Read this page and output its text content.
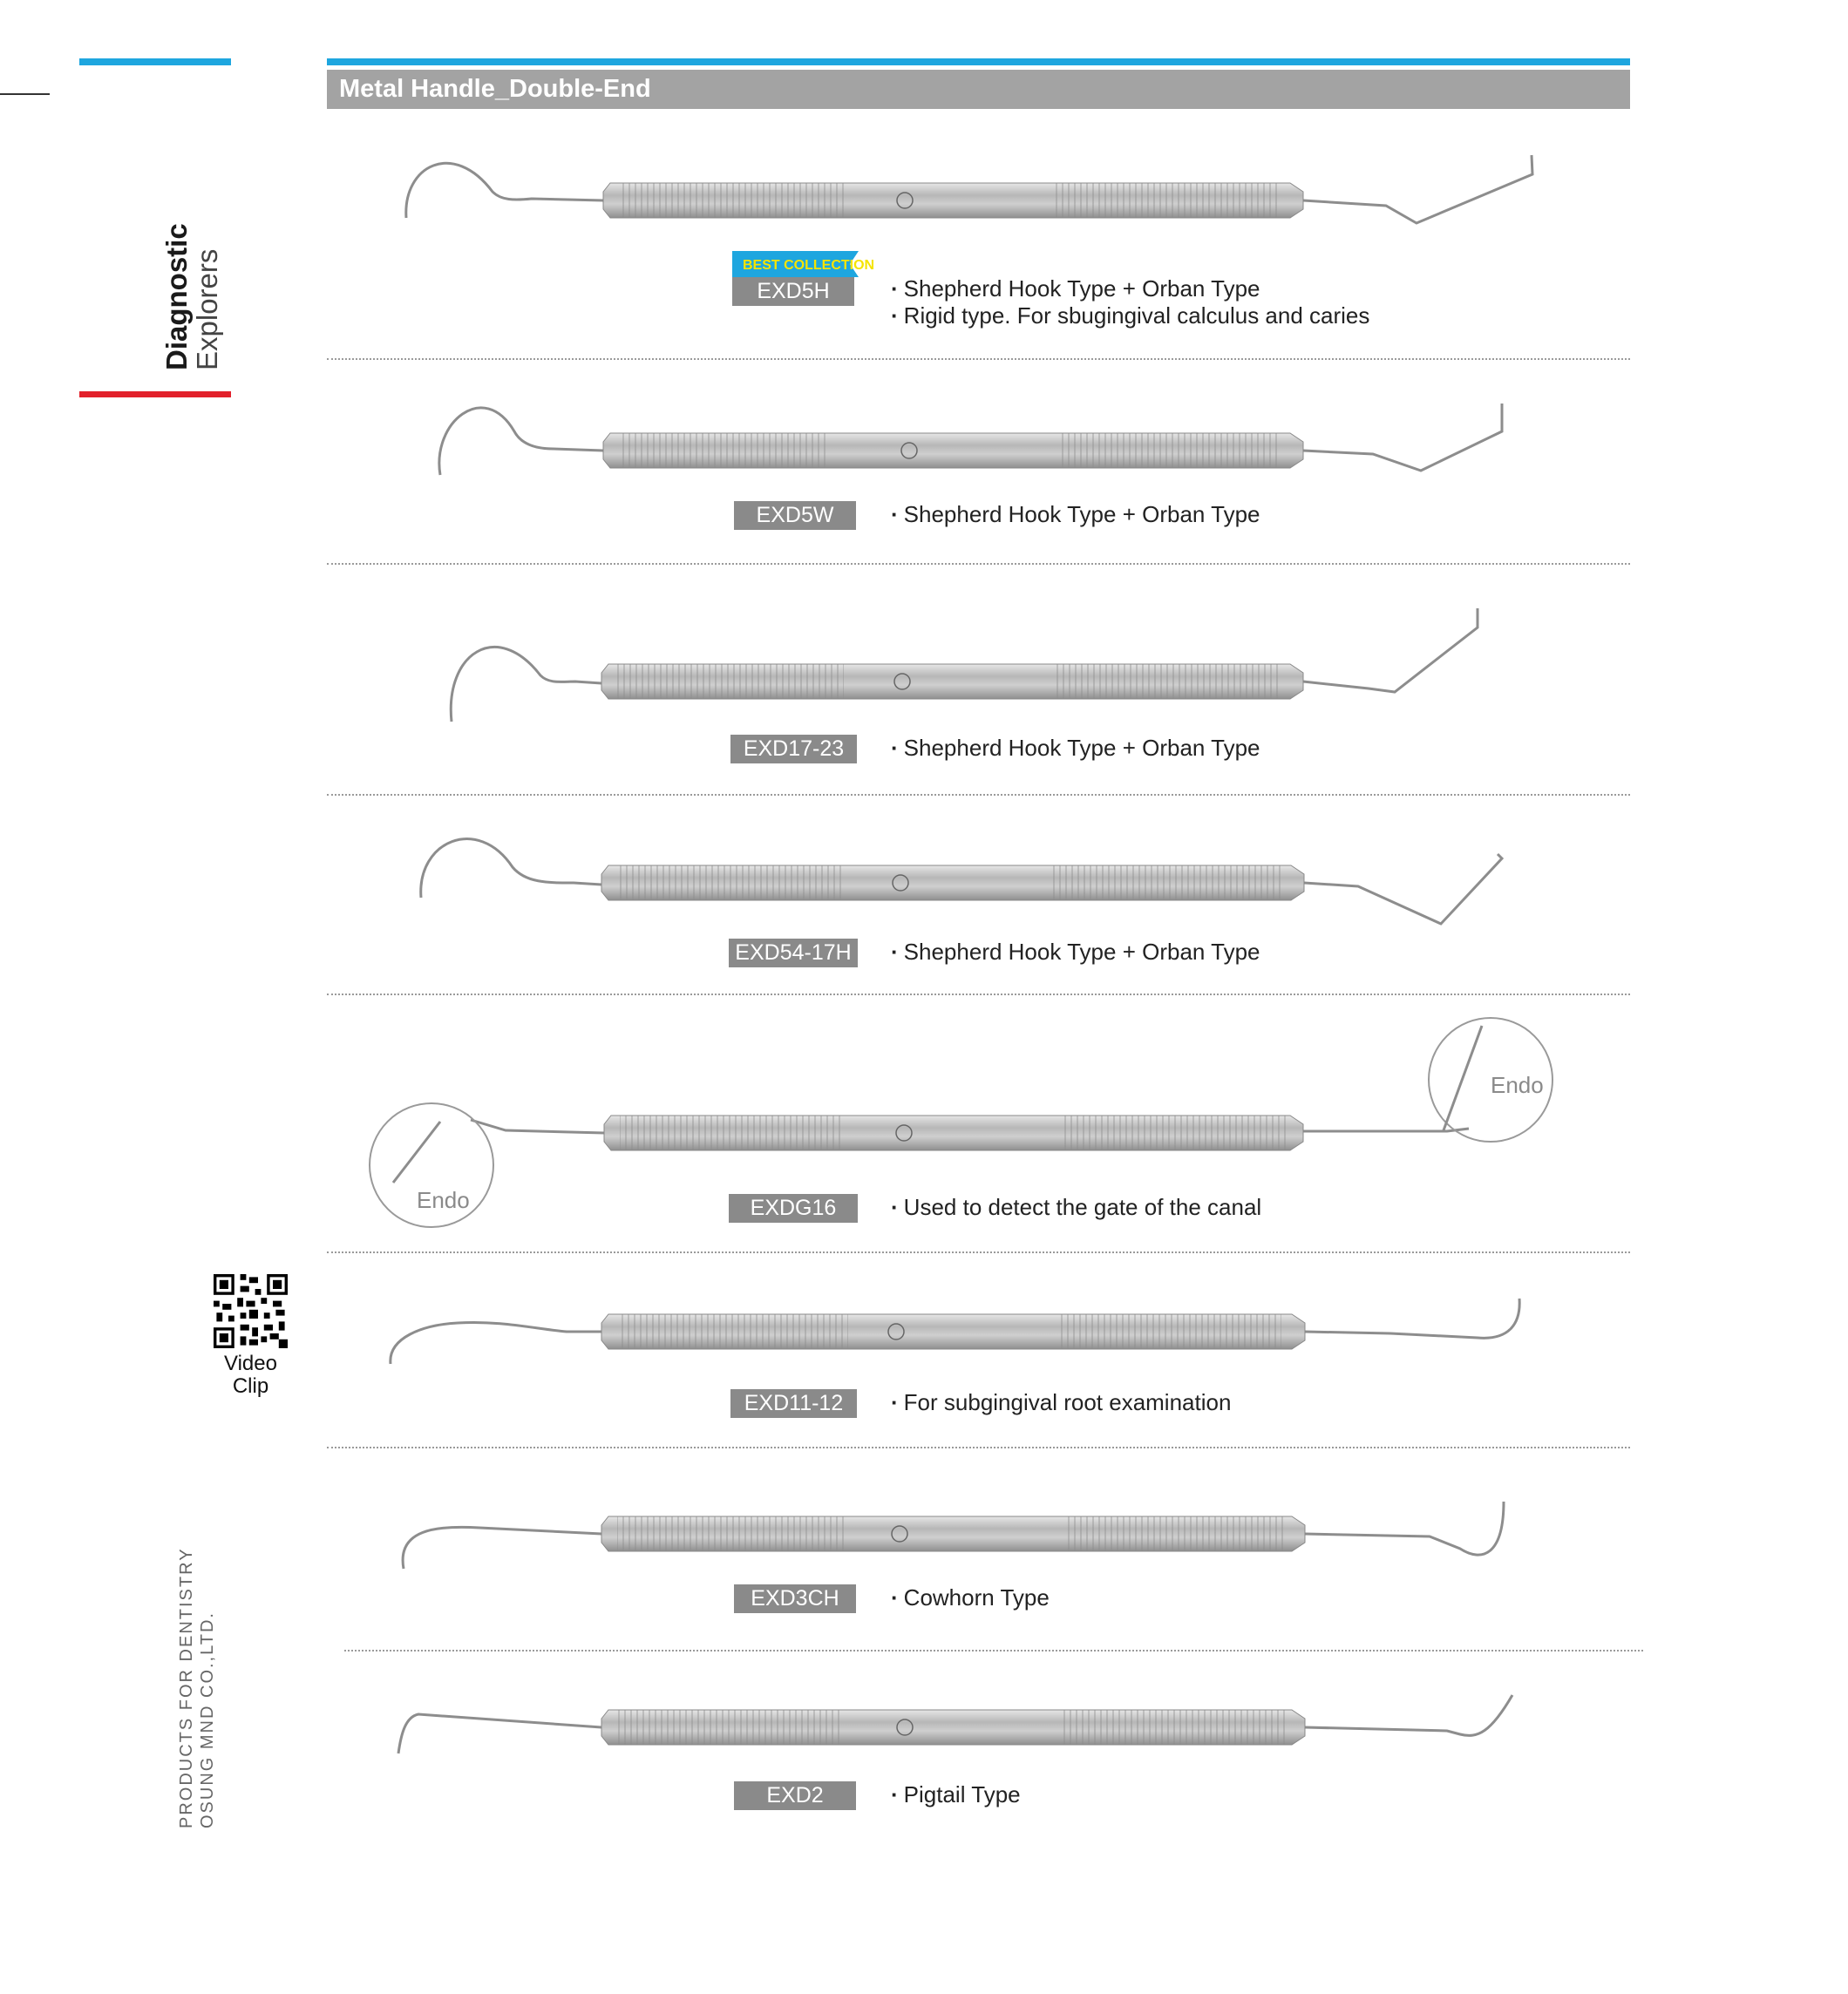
Diagnostic
Explorers
Video
Clip
PRODUCTS FOR DENTISTRY OSUNG MND CO.,LTD.
Metal Handle_Double-End
BEST COLLECTION
EXD5H	· Shepherd Hook Type + Orban Type
· Rigid type. For sbugingival calculus and caries
EXD5W	· Shepherd Hook Type + Orban Type
EXD17-23	· Shepherd Hook Type + Orban Type
EXD54-17H	· Shepherd Hook Type + Orban Type
Endo
Endo
EXDG16	· Used to detect the gate of the canal
EXD11-12	· For subgingival root examination
EXD3CH	· Cowhorn Type
EXD2	· Pigtail Type
